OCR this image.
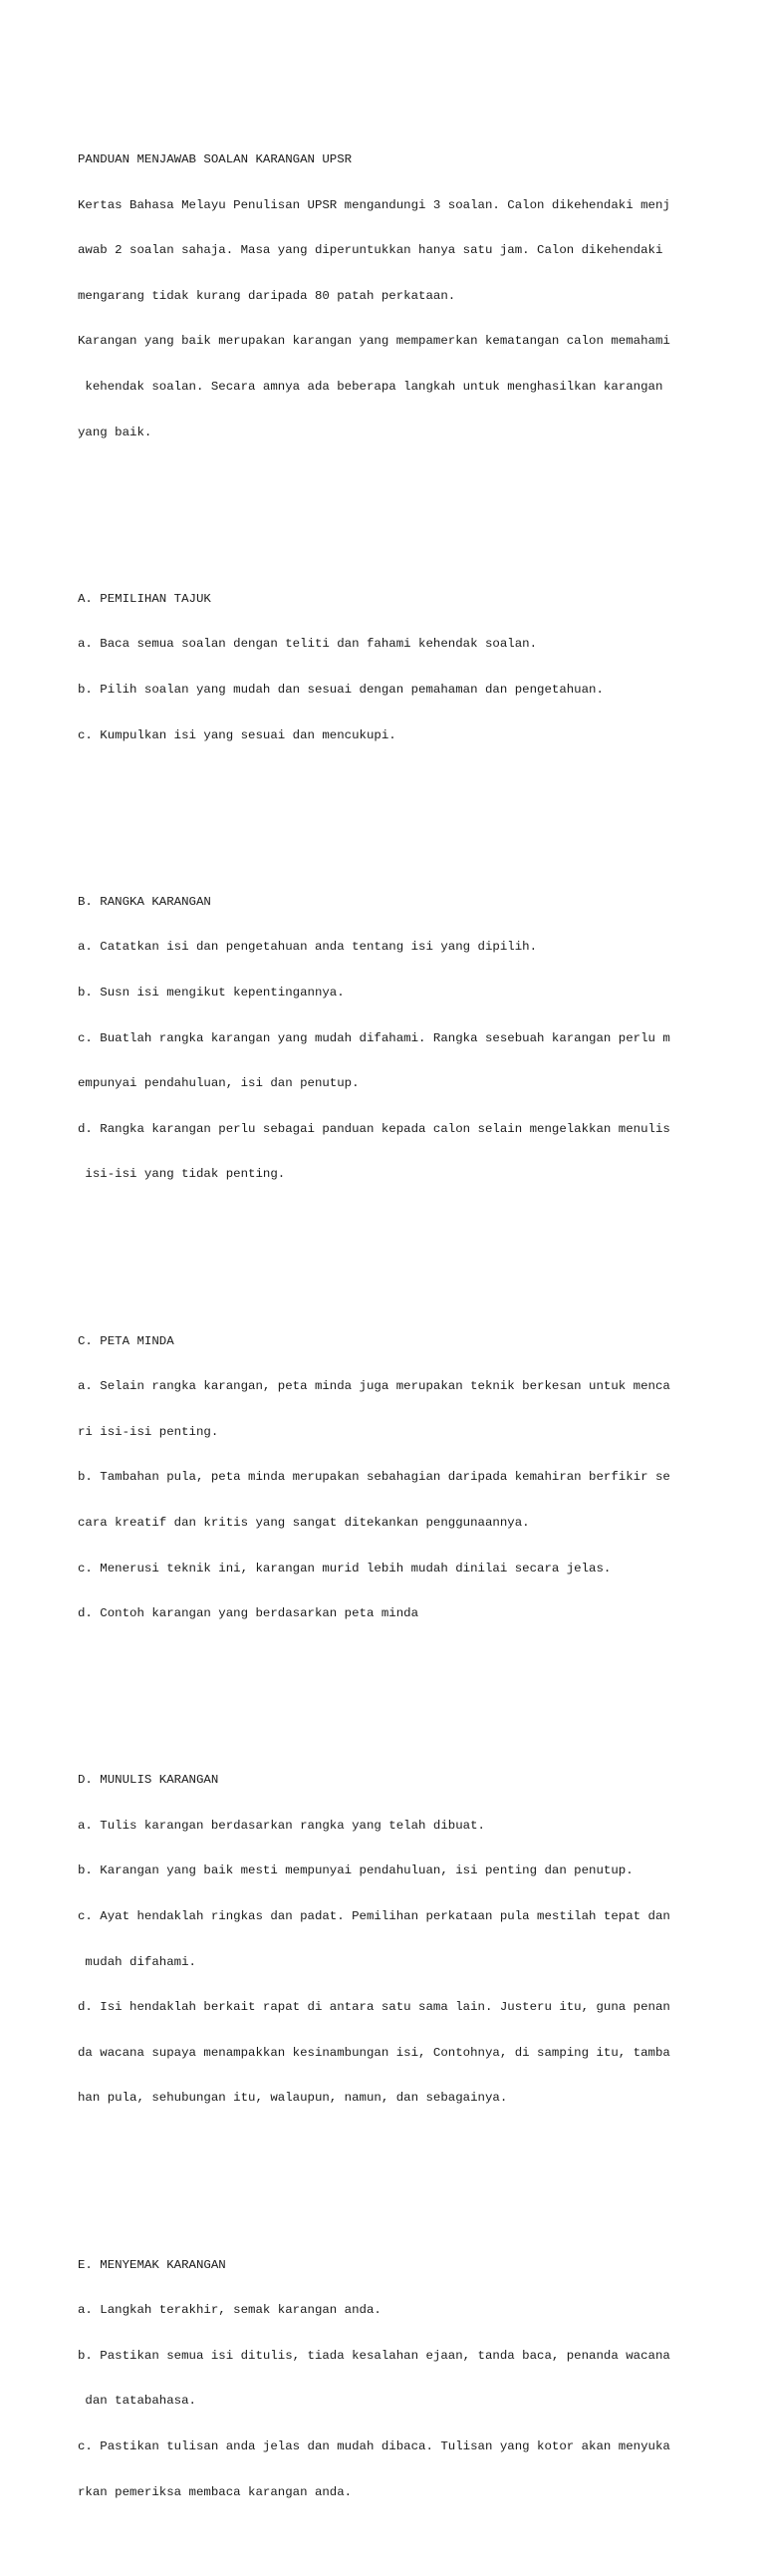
PANDUAN MENJAWAB SOALAN KARANGAN UPSR

Kertas Bahasa Melayu Penulisan UPSR mengandungi 3 soalan. Calon dikehendaki menj

awab 2 soalan sahaja. Masa yang diperuntukkan hanya satu jam. Calon dikehendaki

mengarang tidak kurang daripada 80 patah perkataan.

Karangan yang baik merupakan karangan yang mempamerkan kematangan calon memahami

kehendak soalan. Secara amnya ada beberapa langkah untuk menghasilkan karangan

yang baik.

A. PEMILIHAN TAJUK

a. Baca semua soalan dengan teliti dan fahami kehendak soalan.

b. Pilih soalan yang mudah dan sesuai dengan pemahaman dan pengetahuan.

c. Kumpulkan isi yang sesuai dan mencukupi.

B. RANGKA KARANGAN

a. Catatkan isi dan pengetahuan anda tentang isi yang dipilih.

b. Susn isi mengikut kepentingannya.

c. Buatlah rangka karangan yang mudah difahami. Rangka sesebuah karangan perlu m

empunyai pendahuluan, isi dan penutup.

d. Rangka karangan perlu sebagai panduan kepada calon selain mengelakkan menulis

isi-isi yang tidak penting.

C. PETA MINDA

a. Selain rangka karangan, peta minda juga merupakan teknik berkesan untuk menca

ri isi-isi penting.

b. Tambahan pula, peta minda merupakan sebahagian daripada kemahiran berfikir se

cara kreatif dan kritis yang sangat ditekankan penggunaannya.

c. Menerusi teknik ini, karangan murid lebih mudah dinilai secara jelas.

d. Contoh karangan yang berdasarkan peta minda

D. MUNULIS KARANGAN

a. Tulis karangan berdasarkan rangka yang telah dibuat.

b. Karangan yang baik mesti mempunyai pendahuluan, isi penting dan penutup.

c. Ayat hendaklah ringkas dan padat. Pemilihan perkataan pula mestilah tepat dan

mudah difahami.

d. Isi hendaklah berkait rapat di antara satu sama lain. Justeru itu, guna penan

da wacana supaya menampakkan kesinambungan isi, Contohnya, di samping itu, tamba

han pula, sehubungan itu, walaupun, namun, dan sebagainya.

E. MENYEMAK KARANGAN

a. Langkah terakhir, semak karangan anda.

b. Pastikan semua isi ditulis, tiada kesalahan ejaan, tanda baca, penanda wacana

dan tatabahasa.

c. Pastikan tulisan anda jelas dan mudah dibaca. Tulisan yang kotor akan menyuka

rkan pemeriksa membaca karangan anda.
